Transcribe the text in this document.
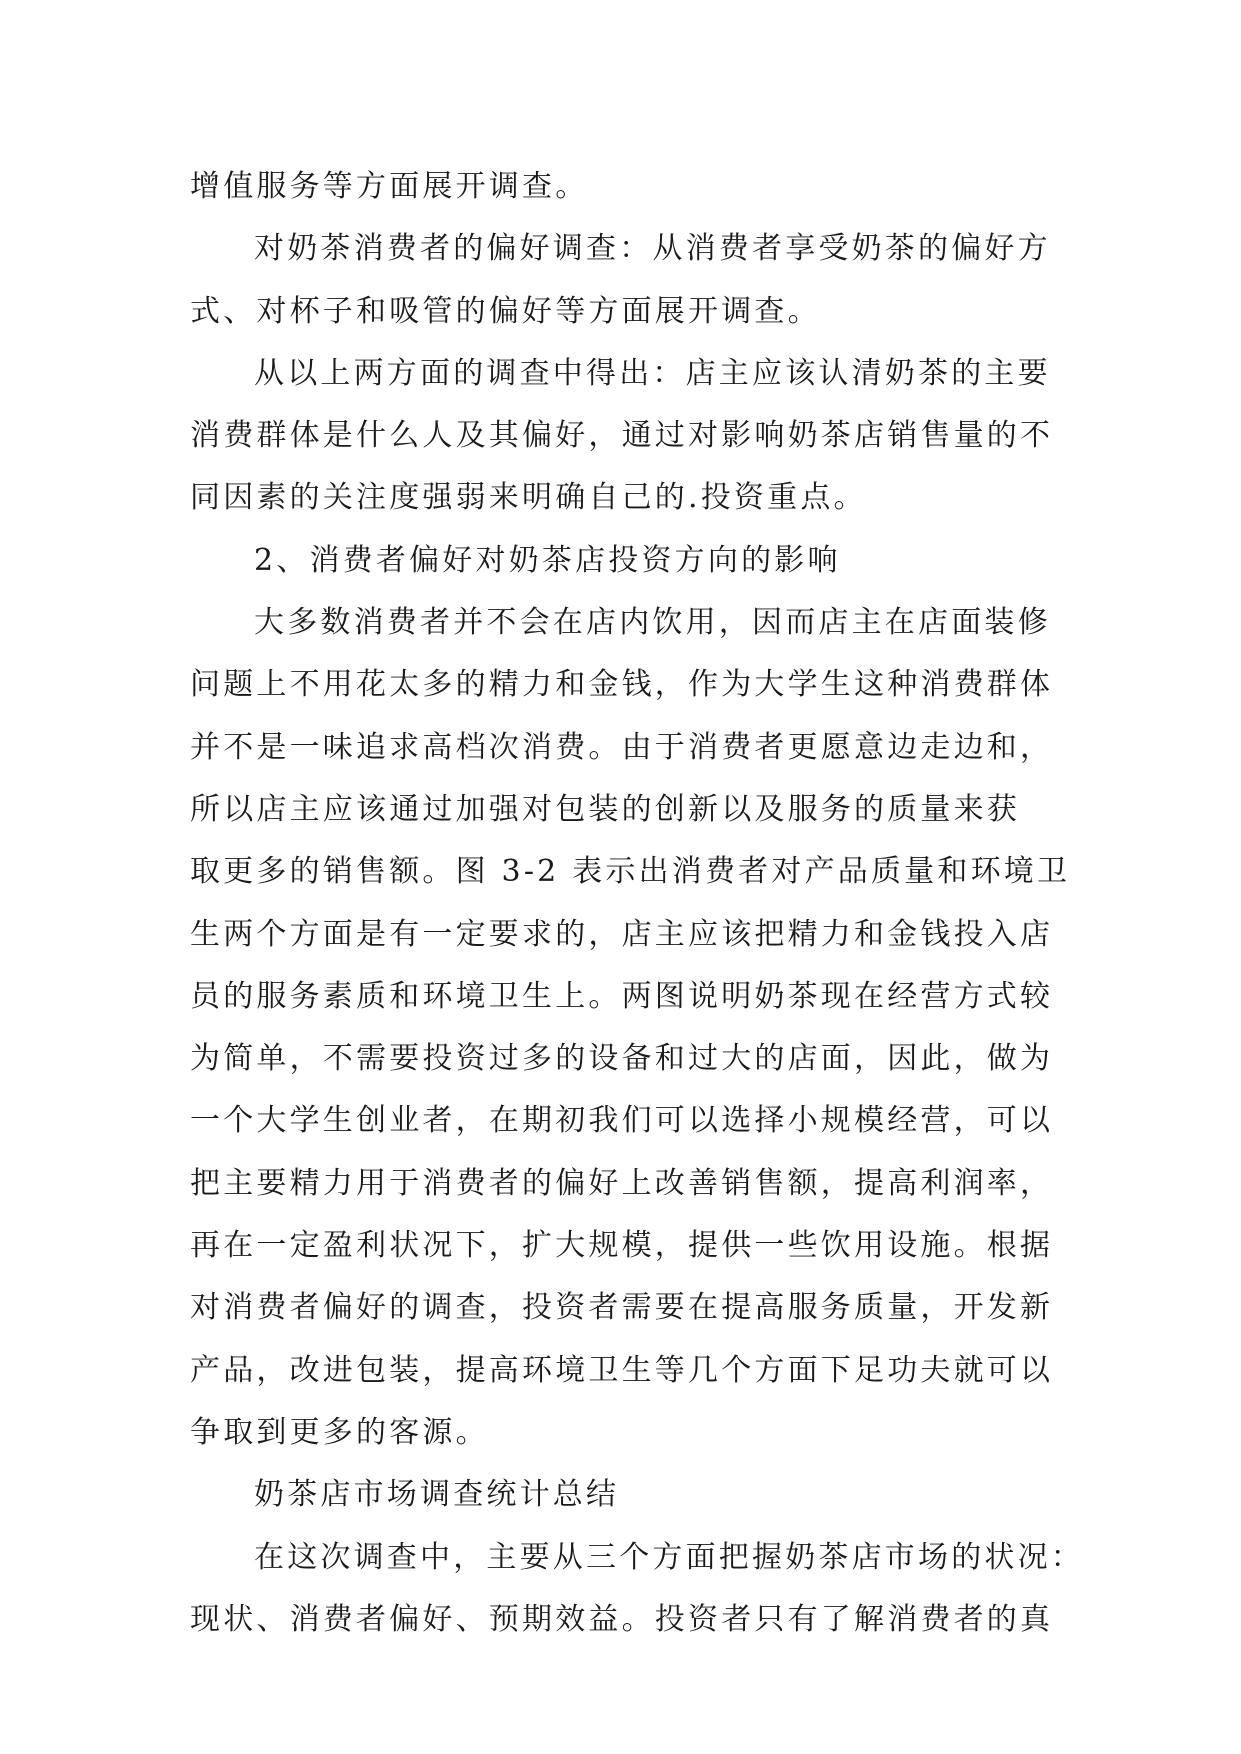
增值服务等方面展开调查。
对奶茶消费者的偏好调查：从消费者享受奶茶的偏好方
式、对杯子和吸管的偏好等方面展开调查。
从以上两方面的调查中得出：店主应该认清奶茶的主要
消费群体是什么人及其偏好，通过对影响奶茶店销售量的不
同因素的关注度强弱来明确自己的.投资重点。
2、消费者偏好对奶茶店投资方向的影响
大多数消费者并不会在店内饮用，因而店主在店面装修
问题上不用花太多的精力和金钱，作为大学生这种消费群体
并不是一味追求高档次消费。由于消费者更愿意边走边和，
所以店主应该通过加强对包装的创新以及服务的质量来获
取更多的销售额。图 3-2 表示出消费者对产品质量和环境卫
生两个方面是有一定要求的，店主应该把精力和金钱投入店
员的服务素质和环境卫生上。两图说明奶茶现在经营方式较
为简单，不需要投资过多的设备和过大的店面，因此，做为
一个大学生创业者，在期初我们可以选择小规模经营，可以
把主要精力用于消费者的偏好上改善销售额，提高利润率，
再在一定盈利状况下，扩大规模，提供一些饮用设施。根据
对消费者偏好的调查，投资者需要在提高服务质量，开发新
产品，改进包装，提高环境卫生等几个方面下足功夫就可以
争取到更多的客源。
奶茶店市场调查统计总结
在这次调查中，主要从三个方面把握奶茶店市场的状况：
现状、消费者偏好、预期效益。投资者只有了解消费者的真
